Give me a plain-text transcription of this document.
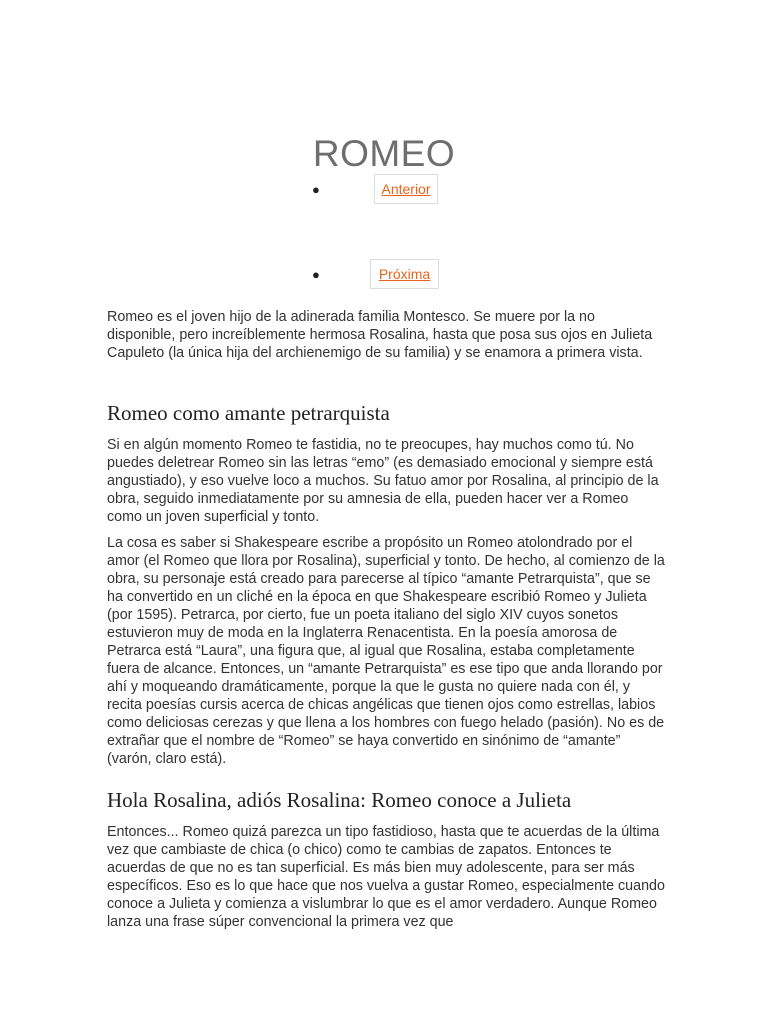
ROMEO
●	Anterior
●	Próxima

Romeo es el joven hijo de la adinerada familia Montesco. Se muere por la no disponible, pero increíblemente hermosa Rosalina, hasta que posa sus ojos en Julieta Capuleto (la única hija del archienemigo de su familia) y se enamora a primera vista.

Romeo como amante petrarquista

Si en algún momento Romeo te fastidia, no te preocupes, hay muchos como tú. No puedes deletrear Romeo sin las letras “emo” (es demasiado emocional y siempre está angustiado), y eso vuelve loco a muchos. Su fatuo amor por Rosalina, al principio de la obra, seguido inmediatamente por su amnesia de ella, pueden hacer ver a Romeo como un joven superficial y tonto.

La cosa es saber si Shakespeare escribe a propósito un Romeo atolondrado por el amor (el Romeo que llora por Rosalina), superficial y tonto. De hecho, al comienzo de la obra, su personaje está creado para parecerse al típico “amante Petrarquista”, que se ha convertido en un cliché en la época en que Shakespeare escribió Romeo y Julieta (por 1595). Petrarca, por cierto, fue un poeta italiano del siglo XIV cuyos sonetos estuvieron muy de moda en la Inglaterra Renacentista. En la poesía amorosa de Petrarca está “Laura”, una figura que, al igual que Rosalina, estaba completamente fuera de alcance. Entonces, un “amante Petrarquista” es ese tipo que anda llorando por ahí y moqueando dramáticamente, porque la que le gusta no quiere nada con él, y recita poesías cursis acerca de chicas angélicas que tienen ojos como estrellas, labios como deliciosas cerezas y que llena a los hombres con fuego helado (pasión). No es de extrañar que el nombre de “Romeo” se haya convertido en sinónimo de “amante” (varón, claro está).

Hola Rosalina, adiós Rosalina: Romeo conoce a Julieta

Entonces... Romeo quizá parezca un tipo fastidioso, hasta que te acuerdas de la última vez que cambiaste de chica (o chico) como te cambias de zapatos. Entonces te acuerdas de que no es tan superficial. Es más bien muy adolescente, para ser más específicos. Eso es lo que hace que nos vuelva a gustar Romeo, especialmente cuando conoce a Julieta y comienza a vislumbrar lo que es el amor verdadero. Aunque Romeo lanza una frase súper convencional la primera vez que
